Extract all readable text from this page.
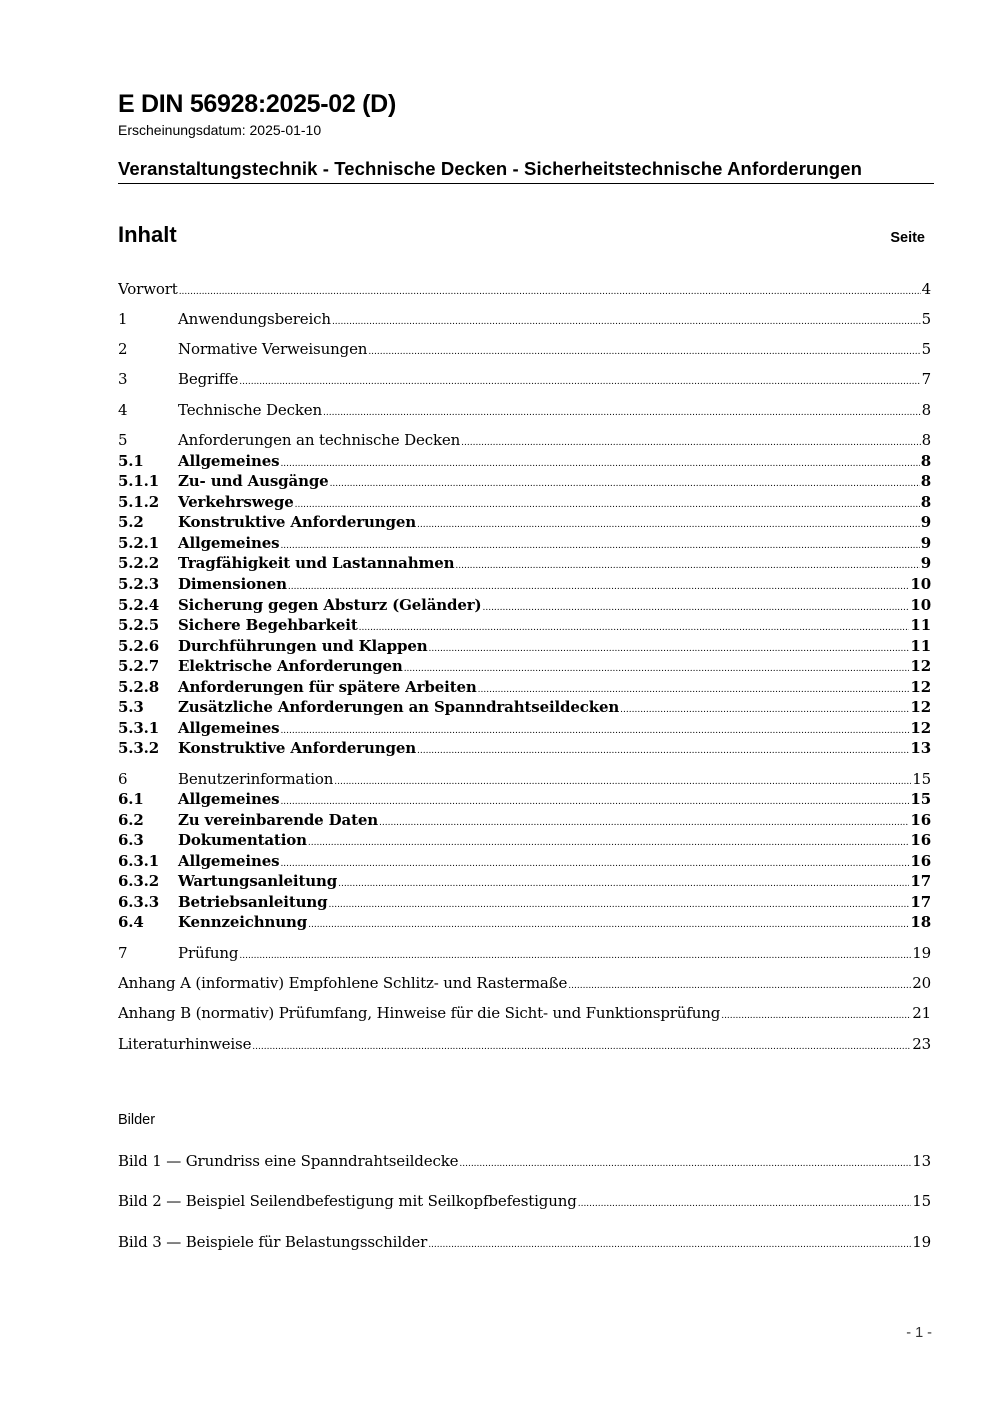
E DIN 56928:2025-02 (D)
Erscheinungsdatum: 2025-01-10
Veranstaltungstechnik - Technische Decken - Sicherheitstechnische Anforderungen
Inhalt	Seite
Vorwort .....	4
1	Anwendungsbereich .....	5
2	Normative Verweisungen .....	5
3	Begriffe .....	7
4	Technische Decken .....	8
5	Anforderungen an technische Decken .....	8
5.1	Allgemeines .....	8
5.1.1	Zu- und Ausgänge .....	8
5.1.2	Verkehrswege .....	8
5.2	Konstruktive Anforderungen .....	9
5.2.1	Allgemeines .....	9
5.2.2	Tragfähigkeit und Lastannahmen .....	9
5.2.3	Dimensionen .....	10
5.2.4	Sicherung gegen Absturz (Geländer) .....	10
5.2.5	Sichere Begehbarkeit .....	11
5.2.6	Durchführungen und Klappen .....	11
5.2.7	Elektrische Anforderungen .....	12
5.2.8	Anforderungen für spätere Arbeiten .....	12
5.3	Zusätzliche Anforderungen an Spanndrahtseildecken .....	12
5.3.1	Allgemeines .....	12
5.3.2	Konstruktive Anforderungen .....	13
6	Benutzerinformation .....	15
6.1	Allgemeines .....	15
6.2	Zu vereinbarende Daten .....	16
6.3	Dokumentation .....	16
6.3.1	Allgemeines .....	16
6.3.2	Wartungsanleitung .....	17
6.3.3	Betriebsanleitung .....	17
6.4	Kennzeichnung .....	18
7	Prüfung .....	19
Anhang A (informativ) Empfohlene Schlitz- und Rastermaße .....	20
Anhang B (normativ) Prüfumfang, Hinweise für die Sicht- und Funktionsprüfung .....	21
Literaturhinweise .....	23
Bilder
Bild 1 — Grundriss eine Spanndrahtseildecke .....	13
Bild 2 — Beispiel Seilendbefestigung mit Seilkopfbefestigung .....	15
Bild 3 — Beispiele für Belastungsschilder .....	19
- 1 -
